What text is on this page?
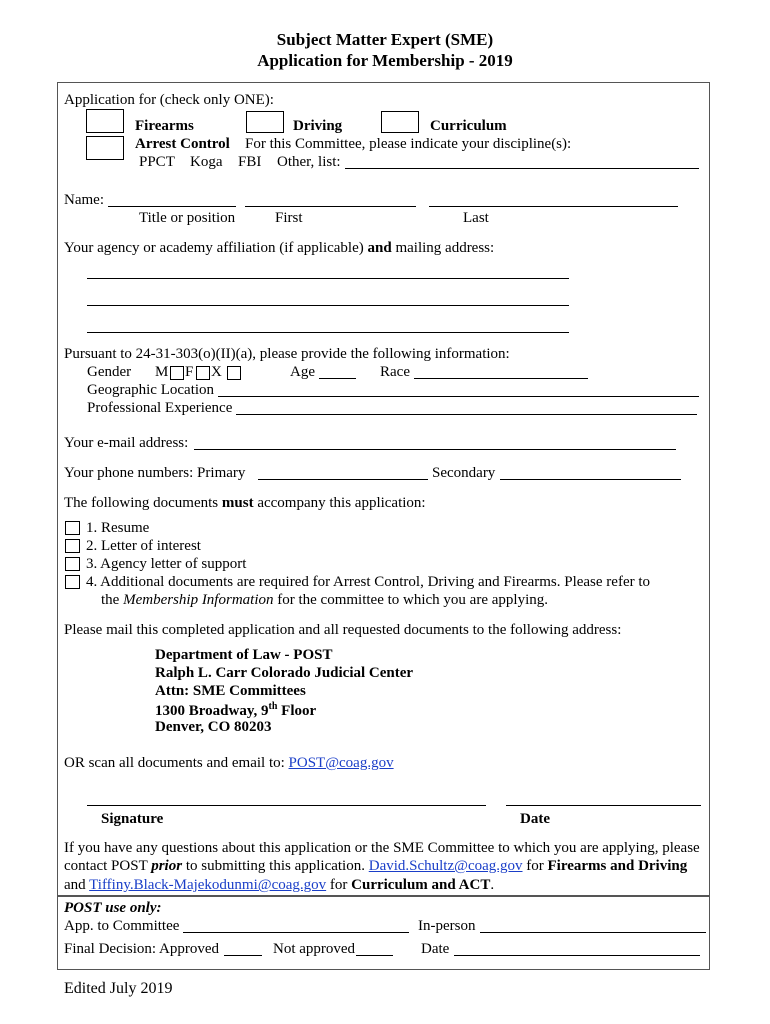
Subject Matter Expert (SME)
Application for Membership - 2019
Application for (check only ONE):
Firearms	Driving	Curriculum
Arrest Control For this Committee, please indicate your discipline(s):
PPCT Koga FBI Other, list:
Name:
Title or position	First	Last
Your agency or academy affiliation (if applicable) and mailing address:
Pursuant to 24-31-303(o)(II)(a), please provide the following information:
Gender M F X	Age	Race
Geographic Location
Professional Experience
Your e-mail address:
Your phone numbers: Primary	Secondary
The following documents must accompany this application:
1. Resume
2. Letter of interest
3. Agency letter of support
4. Additional documents are required for Arrest Control, Driving and Firearms. Please refer to
the Membership Information for the committee to which you are applying.
Please mail this completed application and all requested documents to the following address:
Department of Law - POST
Ralph L. Carr Colorado Judicial Center
Attn: SME Committees
1300 Broadway, 9th Floor
Denver, CO 80203
OR scan all documents and email to: POST@coag.gov
Signature	Date
If you have any questions about this application or the SME Committee to which you are applying, please
contact POST prior to submitting this application. David.Schultz@coag.gov for Firearms and Driving
and Tiffiny.Black-Majekodunmi@coag.gov for Curriculum and ACT.
POST use only:
App. to Committee	In-person
Final Decision: Approved	Not approved	Date
Edited July 2019
